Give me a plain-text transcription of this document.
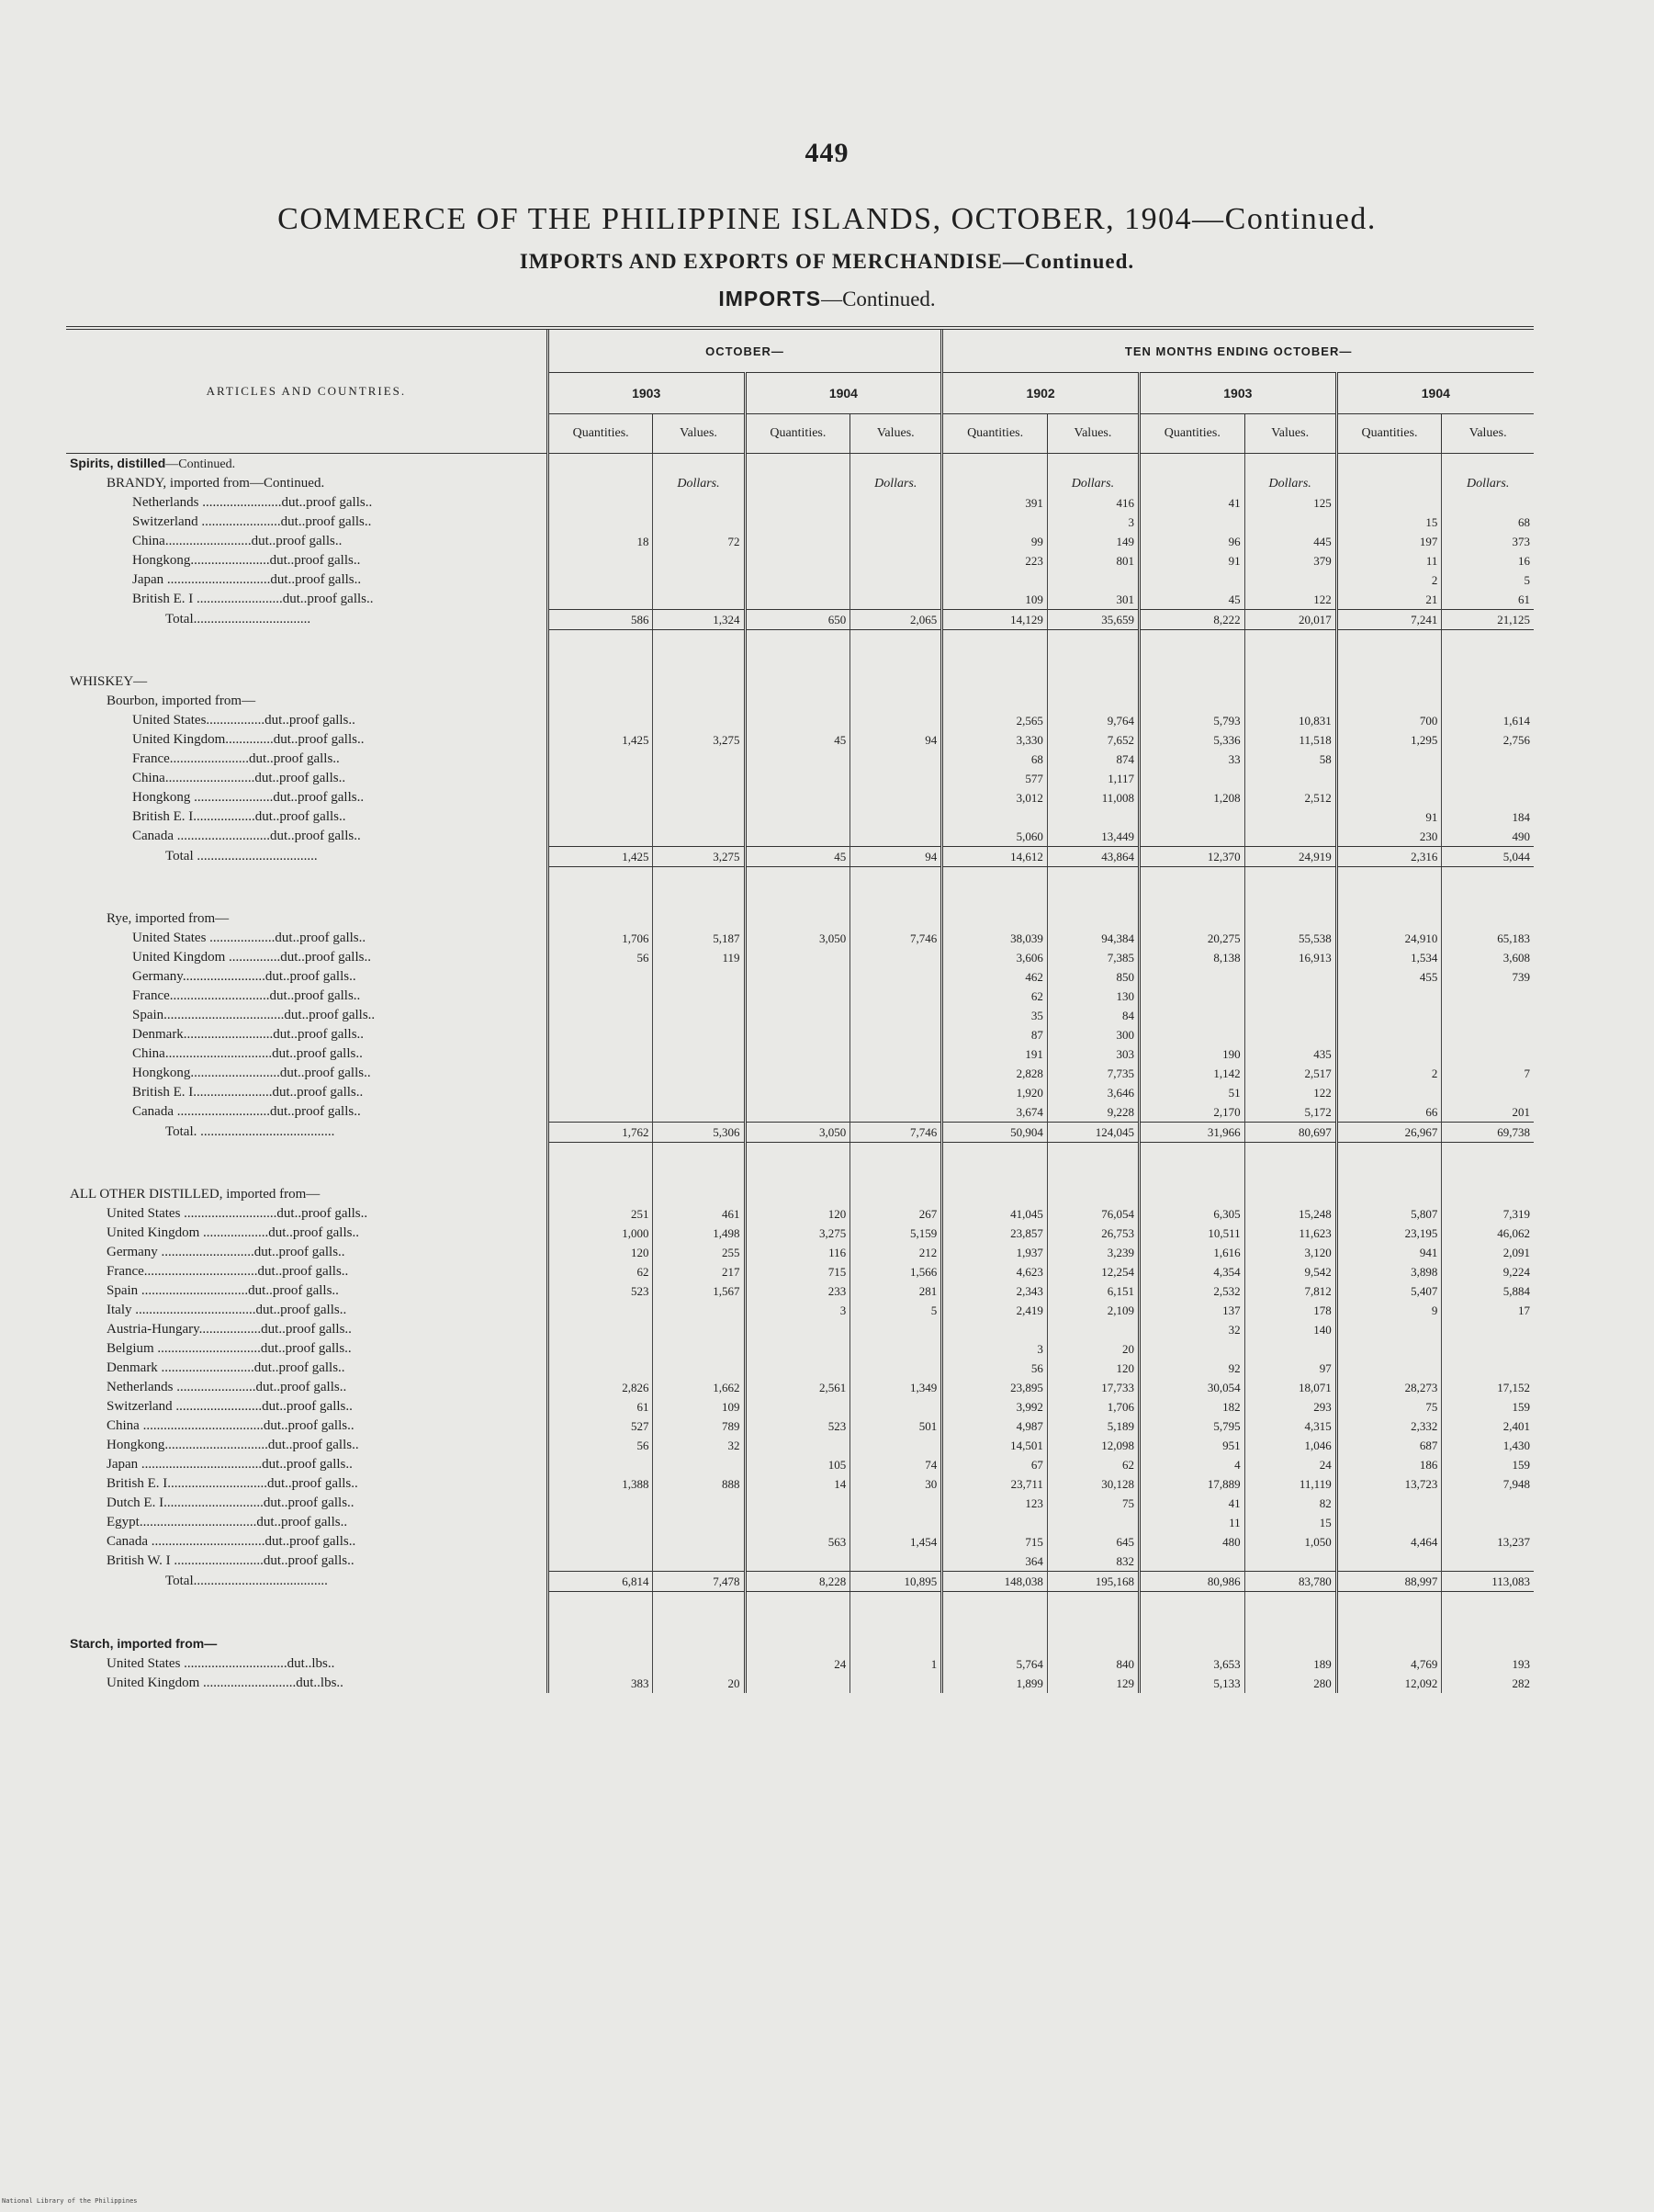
449
COMMERCE OF THE PHILIPPINE ISLANDS, OCTOBER, 1904—Continued.
IMPORTS AND EXPORTS OF MERCHANDISE—Continued.
IMPORTS—Continued.
ARTICLES AND COUNTRIES.	OCTOBER—				TEN MONTHS ENDING OCTOBER—					
	1903		1904		1902		1903		1904	
	Quantities.	Values.	Quantities.	Values.	Quantities.	Values.	Quantities.	Values.	Quantities.	Values.
Spirits, distilled—Continued.										
BRANDY, imported from—Continued.		Dollars.		Dollars.		Dollars.		Dollars.		Dollars.
Netherlands .......................dut..proof galls..					391	416	41	125		
Switzerland .......................dut..proof galls..						3			15	68
China.........................dut..proof galls..	18	72			99	149	96	445	197	373
Hongkong.......................dut..proof galls..					223	801	91	379	11	16
Japan ..............................dut..proof galls..									2	5
British E. I .........................dut..proof galls..					109	301	45	122	21	61
Total..................................	586	1,324	650	2,065	14,129	35,659	8,222	20,017	7,241	21,125

WHISKEY—										
Bourbon, imported from—										
United States.................dut..proof galls..					2,565	9,764	5,793	10,831	700	1,614
United Kingdom..............dut..proof galls..	1,425	3,275	45	94	3,330	7,652	5,336	11,518	1,295	2,756
France.......................dut..proof galls..					68	874	33	58		
China..........................dut..proof galls..					577	1,117				
Hongkong .......................dut..proof galls..					3,012	11,008	1,208	2,512		
British E. I..................dut..proof galls..									91	184
Canada ...........................dut..proof galls..					5,060	13,449			230	490
Total ...................................	1,425	3,275	45	94	14,612	43,864	12,370	24,919	2,316	5,044

Rye, imported from—										
United States ...................dut..proof galls..	1,706	5,187	3,050	7,746	38,039	94,384	20,275	55,538	24,910	65,183
United Kingdom ...............dut..proof galls..	56	119			3,606	7,385	8,138	16,913	1,534	3,608
Germany........................dut..proof galls..					462	850			455	739
France.............................dut..proof galls..					62	130				
Spain...................................dut..proof galls..					35	84				
Denmark..........................dut..proof galls..					87	300				
China...............................dut..proof galls..					191	303	190	435		
Hongkong..........................dut..proof galls..					2,828	7,735	1,142	2,517	2	7
British E. I.......................dut..proof galls..					1,920	3,646	51	122		
Canada ...........................dut..proof galls..					3,674	9,228	2,170	5,172	66	201
Total. .......................................	1,762	5,306	3,050	7,746	50,904	124,045	31,966	80,697	26,967	69,738

ALL OTHER DISTILLED, imported from—										
United States ...........................dut..proof galls..	251	461	120	267	41,045	76,054	6,305	15,248	5,807	7,319
United Kingdom ...................dut..proof galls..	1,000	1,498	3,275	5,159	23,857	26,753	10,511	11,623	23,195	46,062
Germany ...........................dut..proof galls..	120	255	116	212	1,937	3,239	1,616	3,120	941	2,091
France.................................dut..proof galls..	62	217	715	1,566	4,623	12,254	4,354	9,542	3,898	9,224
Spain ...............................dut..proof galls..	523	1,567	233	281	2,343	6,151	2,532	7,812	5,407	5,884
Italy ...................................dut..proof galls..			3	5	2,419	2,109	137	178	9	17
Austria-Hungary..................dut..proof galls..							32	140		
Belgium ..............................dut..proof galls..					3	20				
Denmark ...........................dut..proof galls..					56	120	92	97		
Netherlands .......................dut..proof galls..	2,826	1,662	2,561	1,349	23,895	17,733	30,054	18,071	28,273	17,152
Switzerland .........................dut..proof galls..	61	109			3,992	1,706	182	293	75	159
China ...................................dut..proof galls..	527	789	523	501	4,987	5,189	5,795	4,315	2,332	2,401
Hongkong..............................dut..proof galls..	56	32			14,501	12,098	951	1,046	687	1,430
Japan ...................................dut..proof galls..			105	74	67	62	4	24	186	159
British E. I.............................dut..proof galls..	1,388	888	14	30	23,711	30,128	17,889	11,119	13,723	7,948
Dutch E. I.............................dut..proof galls..					123	75	41	82		
Egypt..................................dut..proof galls..							11	15		
Canada .................................dut..proof galls..			563	1,454	715	645	480	1,050	4,464	13,237
British W. I ..........................dut..proof galls..					364	832				
Total.......................................	6,814	7,478	8,228	10,895	148,038	195,168	80,986	83,780	88,997	113,083

Starch, imported from—										
United States ..............................dut..lbs..			24	1	5,764	840	3,653	189	4,769	193
United Kingdom ...........................dut..lbs..	383	20			1,899	129	5,133	280	12,092	282
National Library of the Philippines
